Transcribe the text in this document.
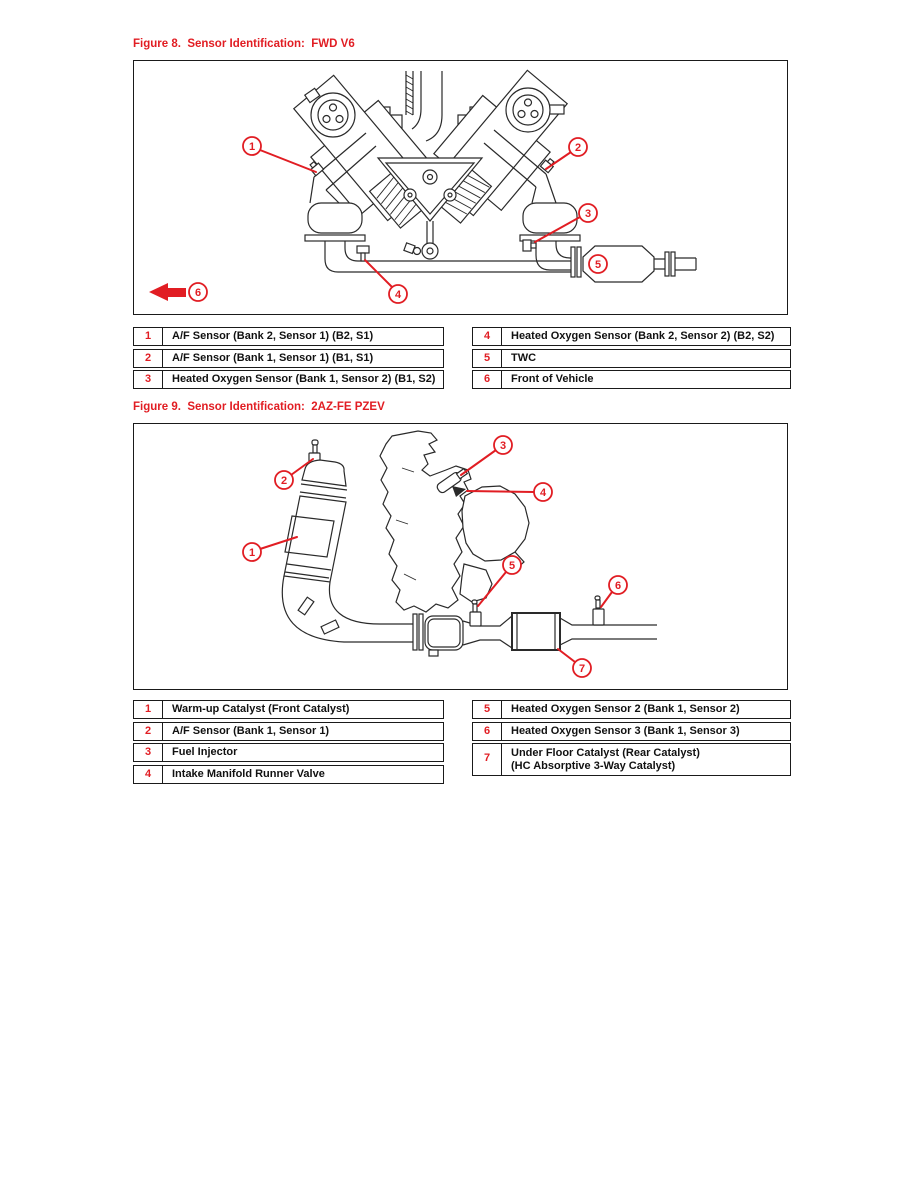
Figure 8.  Sensor Identification:  FWD V6
1	2
3
4
5
6
1	A/F Sensor (Bank 2, Sensor 1) (B2, S1)
2	A/F Sensor (Bank 1, Sensor 1) (B1, S1)
3	Heated Oxygen Sensor (Bank 1, Sensor 2) (B1, S2)
4	Heated Oxygen Sensor (Bank 2, Sensor 2) (B2, S2)
5	TWC
6	Front of Vehicle
Figure 9.  Sensor Identification:  2AZ-FE PZEV
1
2
3
4
5
6
7
1	Warm-up Catalyst (Front Catalyst)
2	A/F Sensor (Bank 1, Sensor 1)
3	Fuel Injector
4	Intake Manifold Runner Valve
5	Heated Oxygen Sensor 2 (Bank 1, Sensor 2)
6	Heated Oxygen Sensor 3 (Bank 1, Sensor 3)
7	Under Floor Catalyst (Rear Catalyst)
(HC Absorptive 3-Way Catalyst)
